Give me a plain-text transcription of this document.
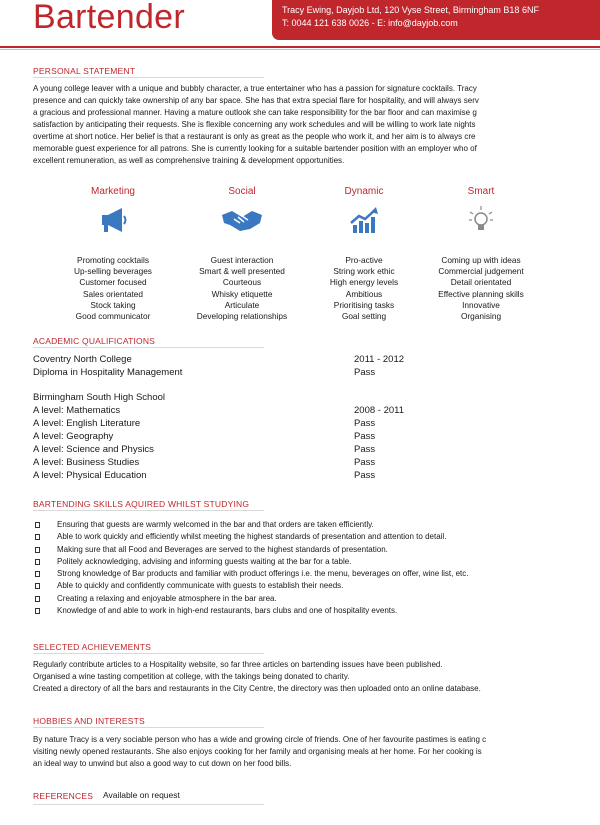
Bartender	Tracy Ewing, Dayjob Ltd, 120 Vyse Street, Birmingham B18 6NF
T: 0044 121 638 0026 - E: info@dayjob.com
PERSONAL STATEMENT
A young college leaver with a unique and bubbly character, a true entertainer who has a passion for signature cocktails. Tracy
presence and can quickly take ownership of any bar space. She has that extra special flare for hospitality, and will always serv
a gracious and professional manner. Having a mature outlook she can take responsibility for the bar floor and can maximise g
satisfaction by anticipating their requests. She is flexible concerning any work schedules and will be willing to work late nights
overtime at short notice. Her belief is that a restaurant is only as great as the people who work it, and her aim is to always cre
memorable guest experience for all patrons. She is currently looking for a suitable bartender position with an employer who of
excellent remuneration, as well as comprehensive training & development opportunities.
Marketing
Promoting cocktails
Up-selling beverages
Customer focused
Sales orientated
Stock taking
Good communicator
Social
Guest interaction
Smart & well presented
Courteous
Whisky etiquette
Articulate
Developing relationships
Dynamic
Pro-active
String work ethic
High energy levels
Ambitious
Prioritising tasks
Goal setting
Smart
Coming up with ideas
Commercial judgement
Detail orientated
Effective planning skills
Innovative
Organising
ACADEMIC QUALIFICATIONS
Coventry North College	2011 - 2012
Diploma in Hospitality Management	Pass
Birmingham South High School
A level: Mathematics	2008 - 2011
A level: English Literature	Pass
A level: Geography	Pass
A level: Science and Physics	Pass
A level: Business Studies	Pass
A level: Physical Education	Pass
BARTENDING SKILLS AQUIRED WHILST STUDYING
Ensuring that guests are warmly welcomed in the bar and that orders are taken efficiently.
Able to work quickly and efficiently whilst meeting the highest standards of presentation and attention to detail.
Making sure that all Food and Beverages are served to the highest standards of presentation.
Politely acknowledging, advising and informing guests waiting at the bar for a table.
Strong knowledge of Bar products and familiar with product offerings i.e. the menu, beverages on offer, wine list, etc.
Able to quickly and confidently communicate with guests to establish their needs.
Creating a relaxing and enjoyable atmosphere in the bar area.
Knowledge of and able to work in high-end restaurants, bars clubs and one of hospitality events.
SELECTED ACHIEVEMENTS
Regularly contribute articles to a Hospitality website, so far three articles on bartending issues have been published.
Organised a wine tasting competition at college, with the takings being donated to charity.
Created a directory of all the bars and restaurants in the City Centre, the directory was then uploaded onto an online database.
HOBBIES AND INTERESTS
By nature Tracy is a very sociable person who has a wide and growing circle of friends. One of her favourite pastimes is eating c
visiting newly opened restaurants. She also enjoys cooking for her family and organising meals at her home. For her cooking is
an ideal way to unwind but also a good way to cut down on her food bills.
REFERENCES Available on request
